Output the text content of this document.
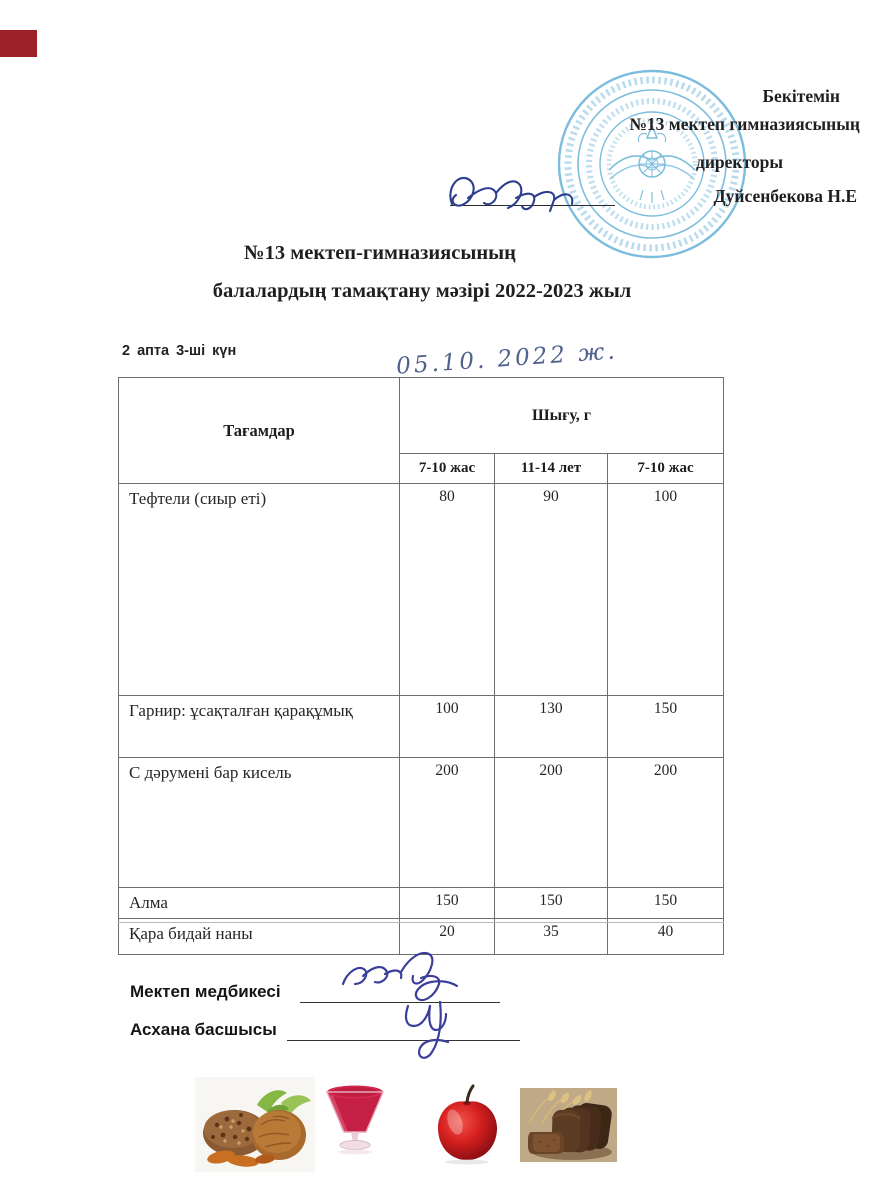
Бекітемін
№13 мектеп гимназиясының
директоры
Дуйсенбекова Н.Е
№13 мектеп-гимназиясының
балалардың тамақтану мәзірі 2022-2023 жыл
2 апта 3-ші күн	05.10. 2022 ж.
Тағамдар	Шығу, г		
	7-10 жас	11-14 лет	7-10 жас
Тефтели (сиыр еті)	80	90	100
Гарнир: ұсақталған қарақұмық	100	130	150
С дәрумені бар кисель	200	200	200
Алма	150	150	150
Қара бидай наны	20	35	40
Мектеп медбикесі
Асхана басшысы
